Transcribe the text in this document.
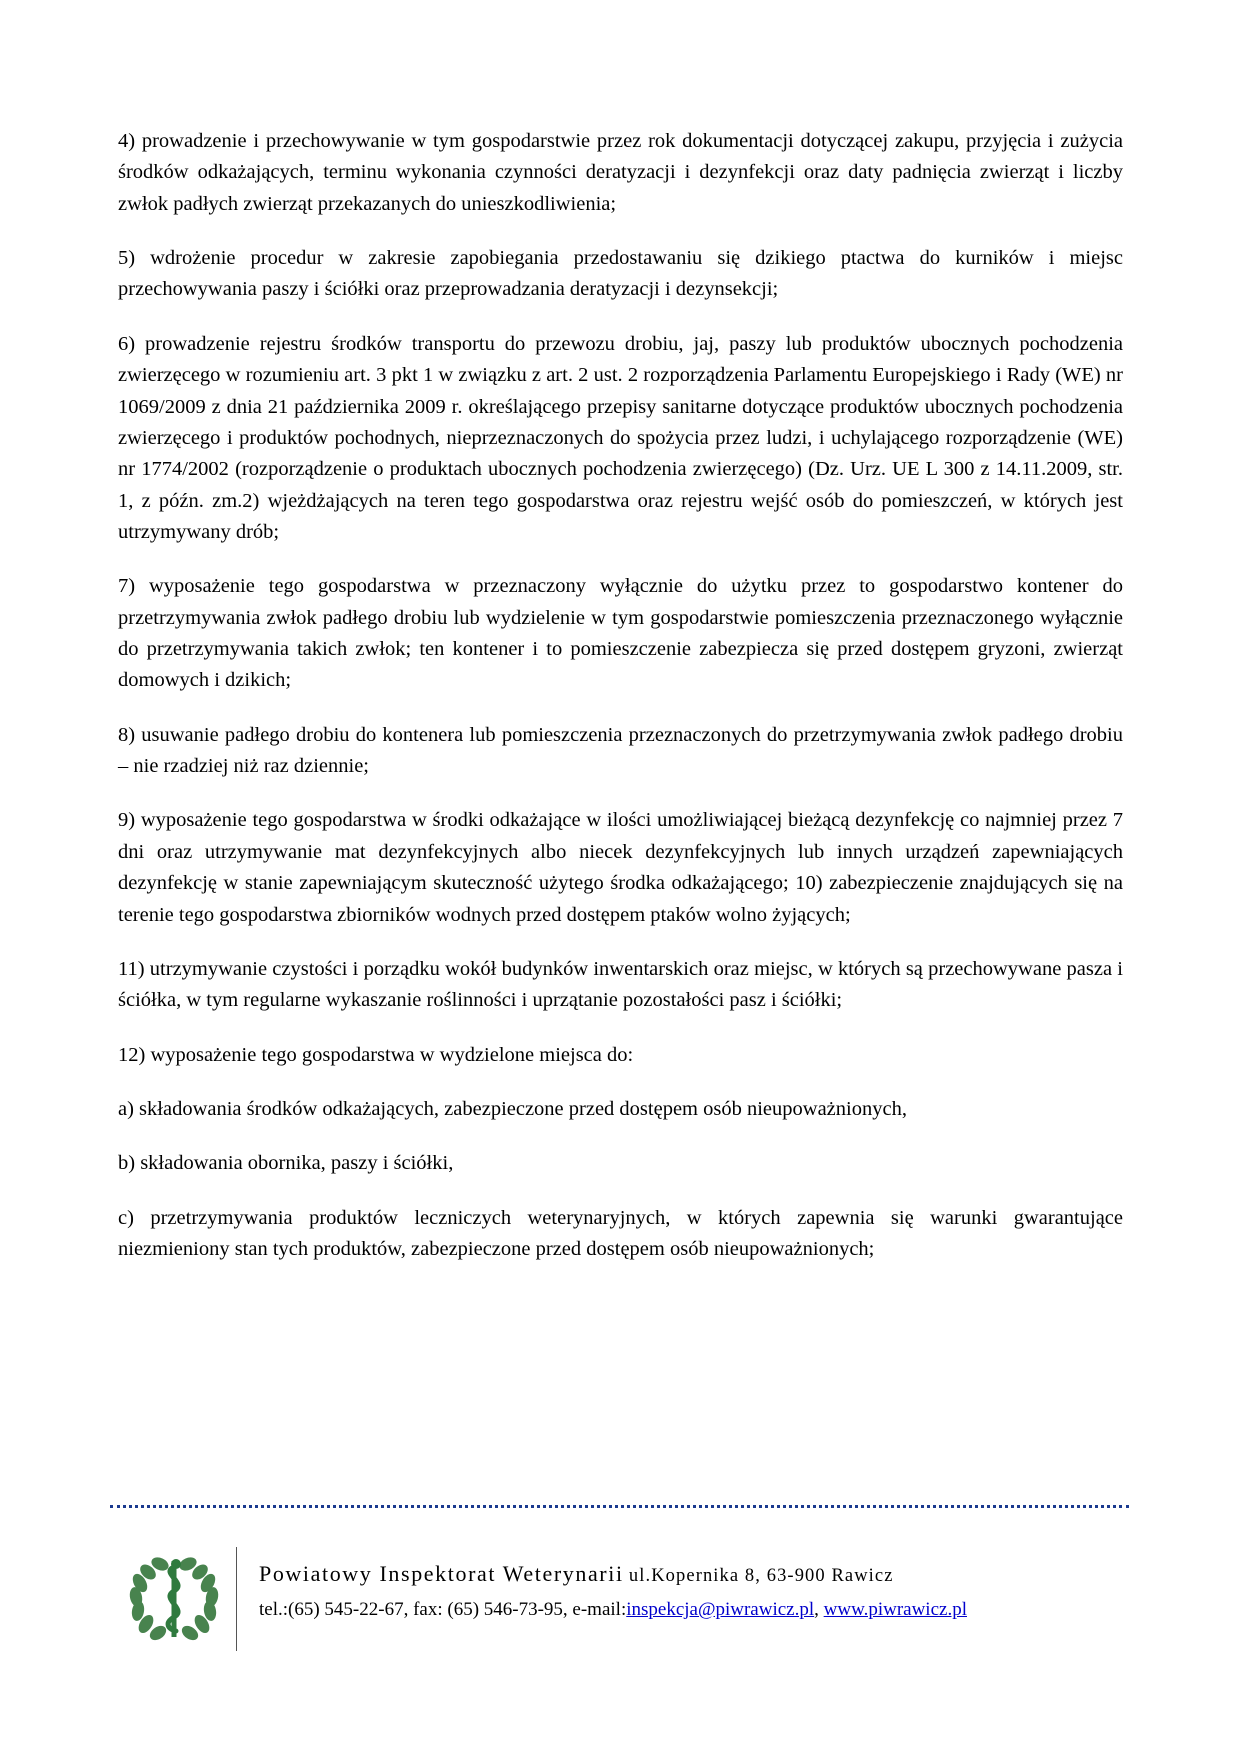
4) prowadzenie i przechowywanie w tym gospodarstwie przez rok dokumentacji dotyczącej zakupu, przyjęcia i zużycia środków odkażających, terminu wykonania czynności deratyzacji i dezynfekcji oraz daty padnięcia zwierząt i liczby zwłok padłych zwierząt przekazanych do unieszkodliwienia;

5) wdrożenie procedur w zakresie zapobiegania przedostawaniu się dzikiego ptactwa do kurników i miejsc przechowywania paszy i ściółki oraz przeprowadzania deratyzacji i dezynsekcji;

6) prowadzenie rejestru środków transportu do przewozu drobiu, jaj, paszy lub produktów ubocznych pochodzenia zwierzęcego w rozumieniu art. 3 pkt 1 w związku z art. 2 ust. 2 rozporządzenia Parlamentu Europejskiego i Rady (WE) nr 1069/2009 z dnia 21 października 2009 r. określającego przepisy sanitarne dotyczące produktów ubocznych pochodzenia zwierzęcego i produktów pochodnych, nieprzeznaczonych do spożycia przez ludzi, i uchylającego rozporządzenie (WE) nr 1774/2002 (rozporządzenie o produktach ubocznych pochodzenia zwierzęcego) (Dz. Urz. UE L 300 z 14.11.2009, str. 1, z późn. zm.2) wjeżdżających na teren tego gospodarstwa oraz rejestru wejść osób do pomieszczeń, w których jest utrzymywany drób;

7) wyposażenie tego gospodarstwa w przeznaczony wyłącznie do użytku przez to gospodarstwo kontener do przetrzymywania zwłok padłego drobiu lub wydzielenie w tym gospodarstwie pomieszczenia przeznaczonego wyłącznie do przetrzymywania takich zwłok; ten kontener i to pomieszczenie zabezpiecza się przed dostępem gryzoni, zwierząt domowych i dzikich;

8) usuwanie padłego drobiu do kontenera lub pomieszczenia przeznaczonych do przetrzymywania zwłok padłego drobiu – nie rzadziej niż raz dziennie;

9) wyposażenie tego gospodarstwa w środki odkażające w ilości umożliwiającej bieżącą dezynfekcję co najmniej przez 7 dni oraz utrzymywanie mat dezynfekcyjnych albo niecek dezynfekcyjnych lub innych urządzeń zapewniających dezynfekcję w stanie zapewniającym skuteczność użytego środka odkażającego; 10) zabezpieczenie znajdujących się na terenie tego gospodarstwa zbiorników wodnych przed dostępem ptaków wolno żyjących;

11) utrzymywanie czystości i porządku wokół budynków inwentarskich oraz miejsc, w których są przechowywane pasza i ściółka, w tym regularne wykaszanie roślinności i uprzątanie pozostałości pasz i ściółki;

12) wyposażenie tego gospodarstwa w wydzielone miejsca do:

a) składowania środków odkażających, zabezpieczone przed dostępem osób nieupoważnionych,

b) składowania obornika, paszy i ściółki,

c) przetrzymywania produktów leczniczych weterynaryjnych, w których zapewnia się warunki gwarantujące niezmieniony stan tych produktów, zabezpieczone przed dostępem osób nieupoważnionych;

Powiatowy Inspektorat Weterynarii ul.Kopernika 8, 63-900 Rawicz
tel.:(65) 545-22-67, fax: (65) 546-73-95, e-mail:inspekcja@piwrawicz.pl, www.piwrawicz.pl
